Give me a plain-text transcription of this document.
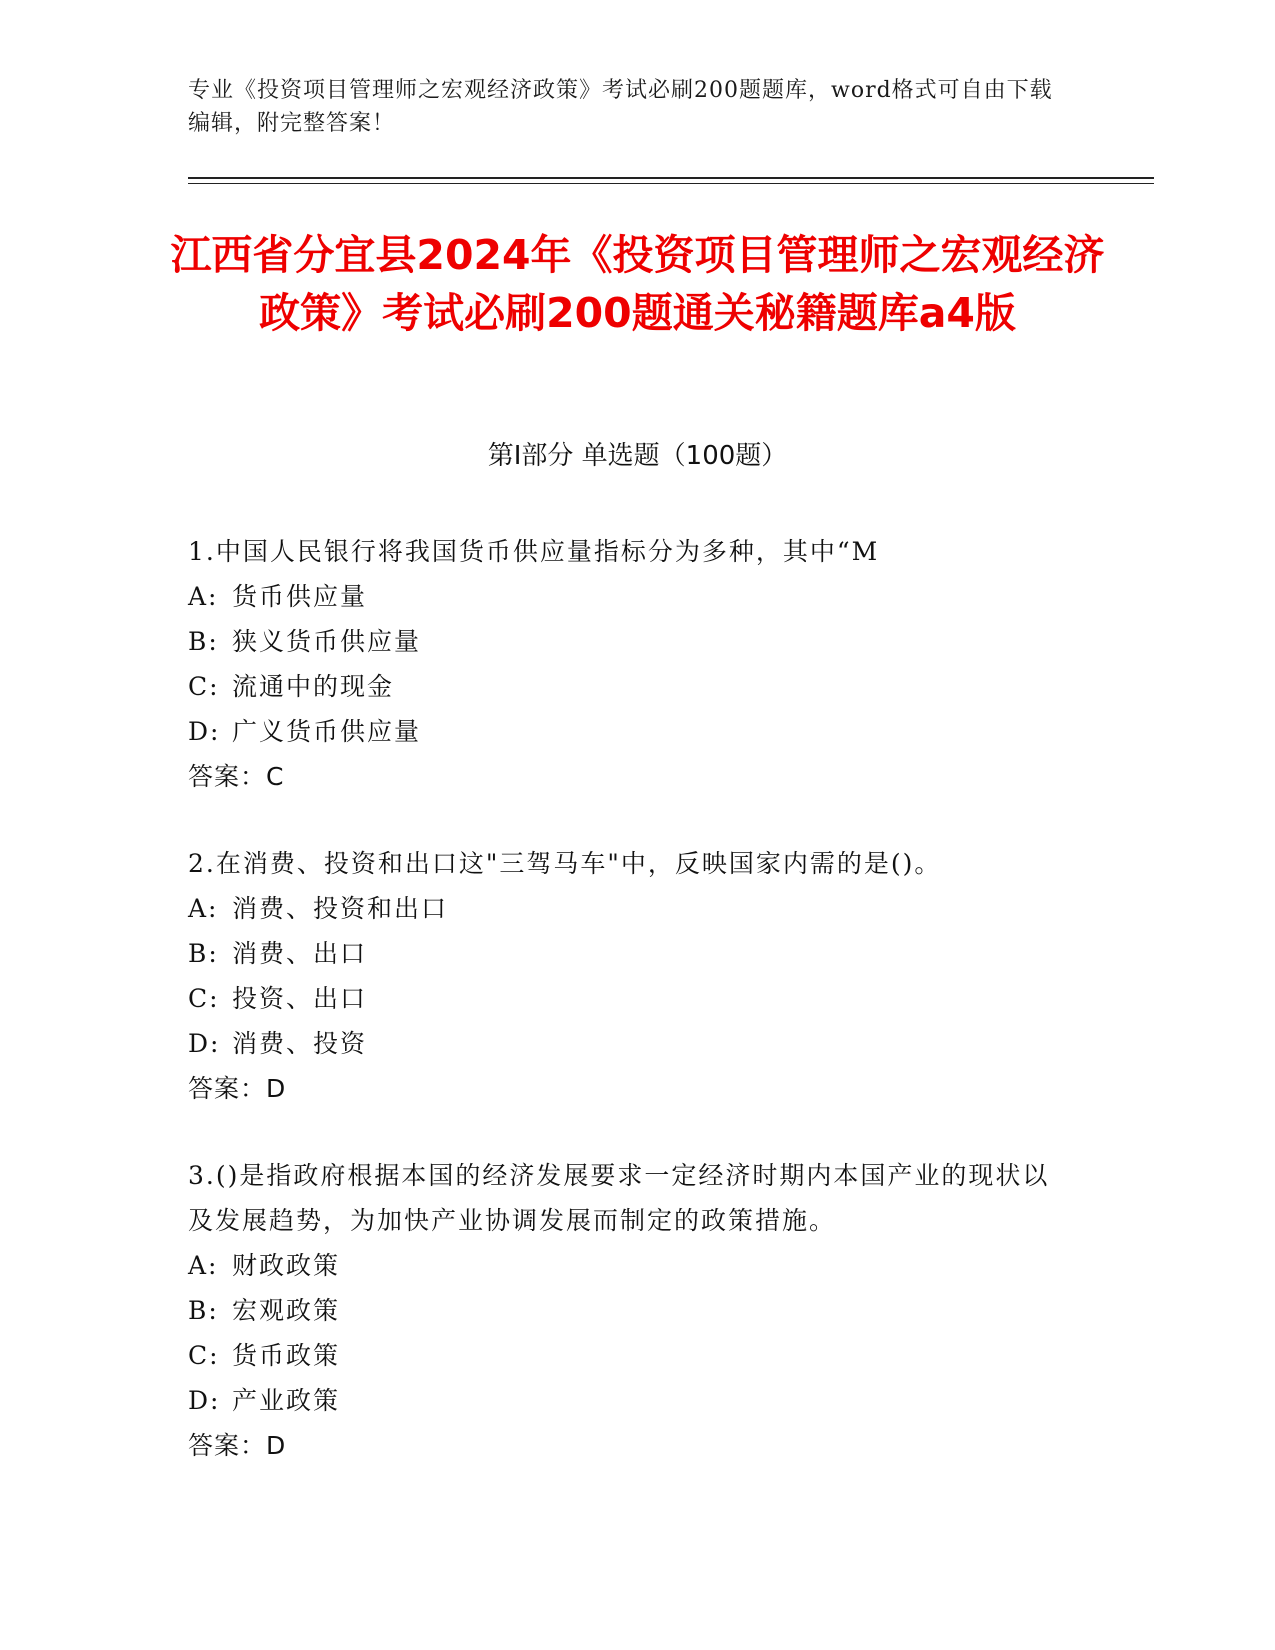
专业《投资项目管理师之宏观经济政策》考试必刷200题题库，word格式可自由下载编辑，附完整答案！
江西省分宜县2024年《投资项目管理师之宏观经济政策》考试必刷200题通关秘籍题库a4版
第I部分 单选题（100题）
1.中国人民银行将我国货币供应量指标分为多种，其中“M
A: 货币供应量
B: 狭义货币供应量
C: 流通中的现金
D: 广义货币供应量
答案：C
2.在消费、投资和出口这"三驾马车"中，反映国家内需的是()。
A: 消费、投资和出口
B: 消费、出口
C: 投资、出口
D: 消费、投资
答案：D
3.()是指政府根据本国的经济发展要求一定经济时期内本国产业的现状以及发展趋势，为加快产业协调发展而制定的政策措施。
A: 财政政策
B: 宏观政策
C: 货币政策
D: 产业政策
答案：D
